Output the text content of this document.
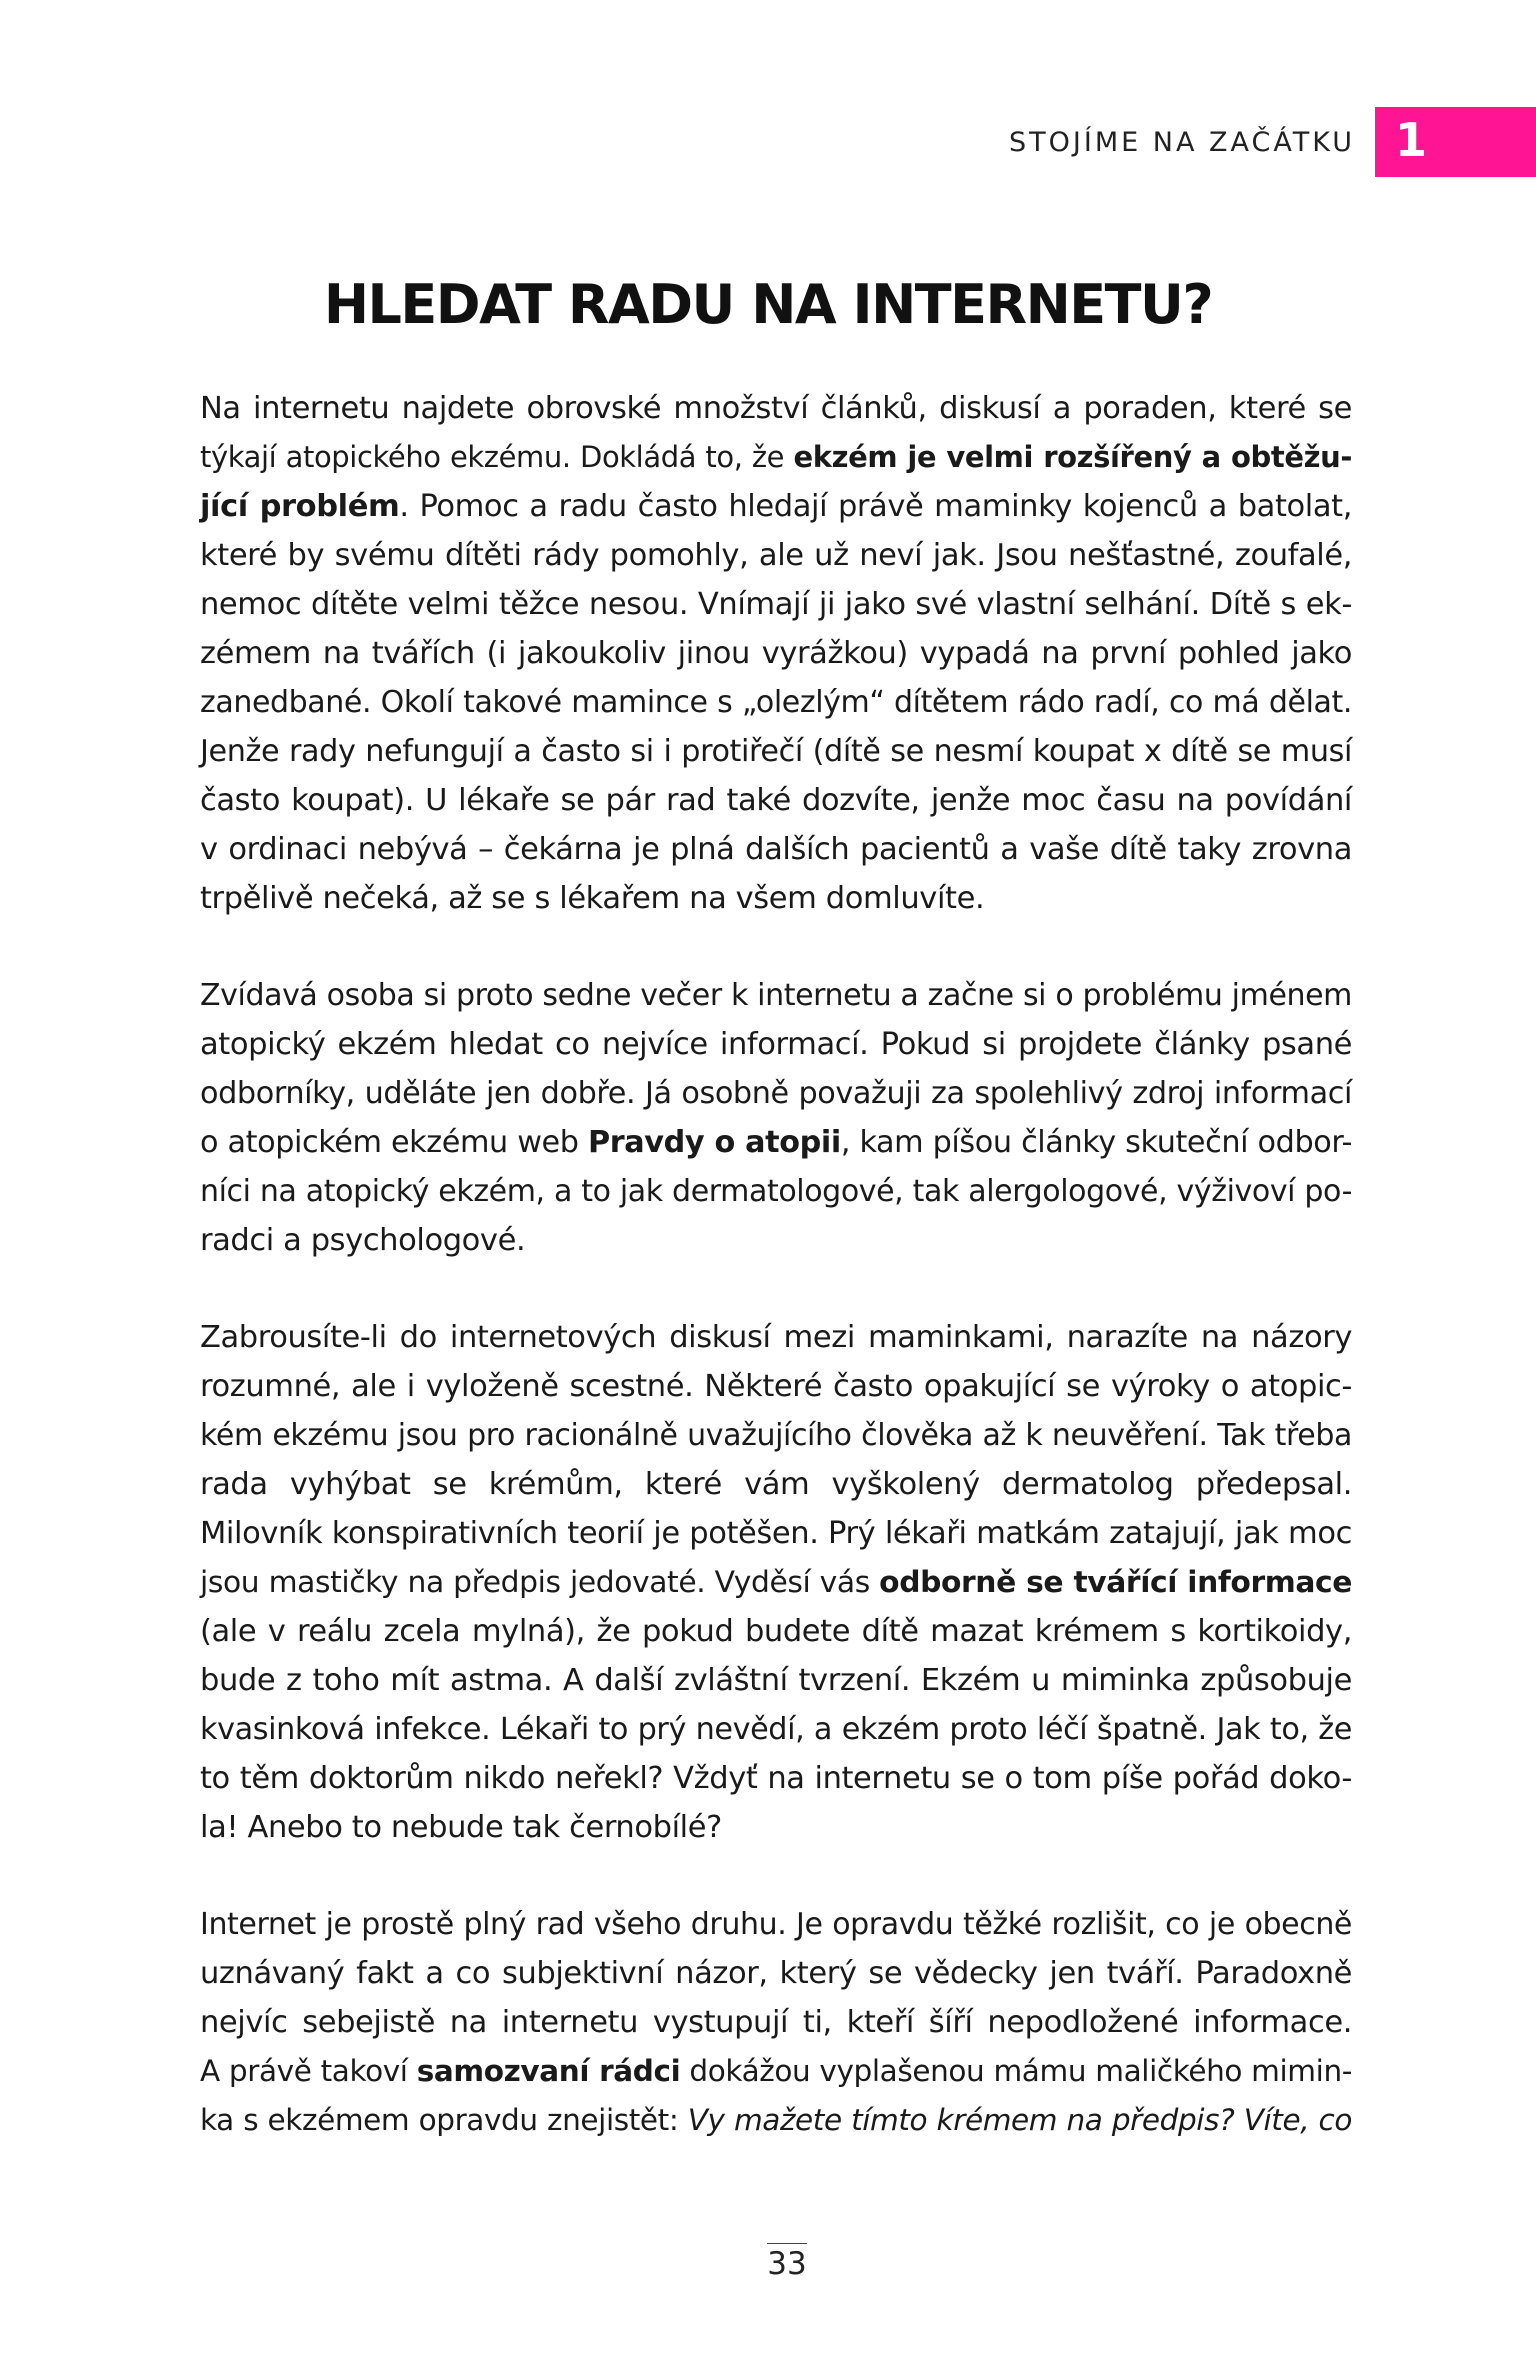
STOJÍME NA ZAČÁTKU 1
HLEDAT RADU NA INTERNETU?
Na internetu najdete obrovské množství článků, diskusí a poraden, které se
týkají atopického ekzému. Dokládá to, že ekzém je velmi rozšířený a obtěžu-
jící problém. Pomoc a radu často hledají právě maminky kojenců a batolat,
které by svému dítěti rády pomohly, ale už neví jak. Jsou nešťastné, zoufalé,
nemoc dítěte velmi těžce nesou. Vnímají ji jako své vlastní selhání. Dítě s ek-
zémem na tvářích (i jakoukoliv jinou vyrážkou) vypadá na první pohled jako
zanedbané. Okolí takové mamince s „olezlým“ dítětem rádo radí, co má dělat.
Jenže rady nefungují a často si i protiřečí (dítě se nesmí koupat x dítě se musí
často koupat). U lékaře se pár rad také dozvíte, jenže moc času na povídání
v ordinaci nebývá – čekárna je plná dalších pacientů a vaše dítě taky zrovna
trpělivě nečeká, až se s lékařem na všem domluvíte.
Zvídavá osoba si proto sedne večer k internetu a začne si o problému jménem
atopický ekzém hledat co nejvíce informací. Pokud si projdete články psané
odborníky, uděláte jen dobře. Já osobně považuji za spolehlivý zdroj informací
o atopickém ekzému web Pravdy o atopii, kam píšou články skuteční odbor-
níci na atopický ekzém, a to jak dermatologové, tak alergologové, výživoví po-
radci a psychologové.
Zabrousíte-li do internetových diskusí mezi maminkami, narazíte na názory
rozumné, ale i vyloženě scestné. Některé často opakující se výroky o atopic-
kém ekzému jsou pro racionálně uvažujícího člověka až k neuvěření. Tak třeba
rada vyhýbat se krémům, které vám vyškolený dermatolog předepsal.
Milovník konspirativních teorií je potěšen. Prý lékaři matkám zatajují, jak moc
jsou mastičky na předpis jedovaté. Vyděsí vás odborně se tvářící informace
(ale v reálu zcela mylná), že pokud budete dítě mazat krémem s kortikoidy,
bude z toho mít astma. A další zvláštní tvrzení. Ekzém u miminka způsobuje
kvasinková infekce. Lékaři to prý nevědí, a ekzém proto léčí špatně. Jak to, že
to těm doktorům nikdo neřekl? Vždyť na internetu se o tom píše pořád doko-
la! Anebo to nebude tak černobílé?
Internet je prostě plný rad všeho druhu. Je opravdu těžké rozlišit, co je obecně
uznávaný fakt a co subjektivní názor, který se vědecky jen tváří. Paradoxně
nejvíc sebejistě na internetu vystupují ti, kteří šíří nepodložené informace.
A právě takoví samozvaní rádci dokážou vyplašenou mámu maličkého mimin-
ka s ekzémem opravdu znejistět: Vy mažete tímto krémem na předpis? Víte, co
33
